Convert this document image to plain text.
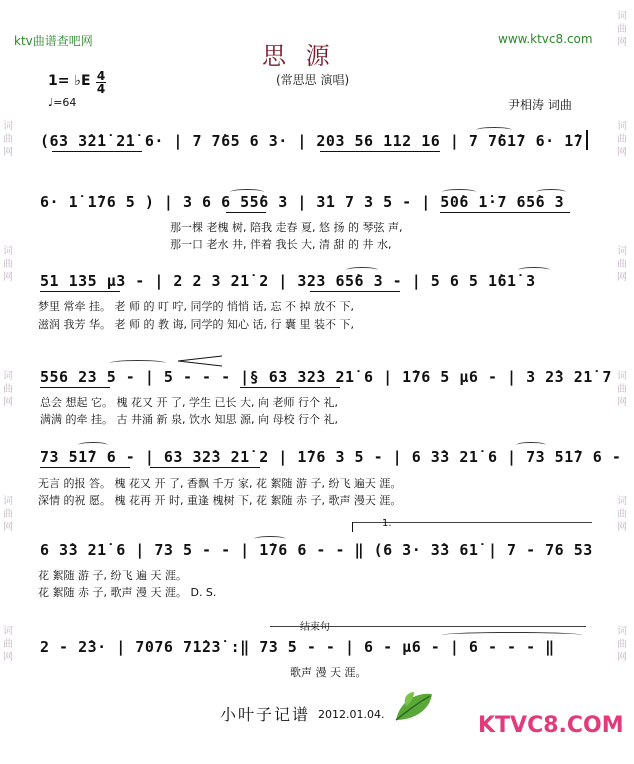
词
曲
网
词
曲
网
词
曲
网
词
曲
网
词
曲
网
词
曲
网
词
曲
网
词
曲
网
词
曲
网
词
曲
网
词
曲
网
ktv曲谱查吧网	www.ktvc8.com
思 源
(常思思 演唱)
1= ♭E 4
4
♩=64	尹相涛 词曲
(63 3̇2̇1̇ 2̇1̇ 6· | 7 7̇65 6 3· | 203 56 112 16 | 7 7̇61̇7 6· 1̇7
6· 1̇ 1̇76 5 ) | 3 6 6 55̇6 3 | 3̇1 7 3 5 - | 50̇6 1̇·7 65̇6 3
那一棵 老槐 树, 陪我 走春 夏, 悠 扬 的 琴弦 声,
那一口 老水 井, 伴着 我长 大, 清 甜 的 井 水,
51 135 µ3 - | 2 2 3 21̇ 2 | 323 65̇6 3 - | 5 6 5 1̇61̇ 3
梦里 常牵 挂。 老 师 的 叮 咛, 同学的 悄悄 话, 忘 不 掉 放不 下,
滋润 我芳 华。 老 师 的 教 诲, 同学的 知心 话, 行 囊 里 装不 下,
556 23 5 - | 5 - - - |§ 63 32̇3 21̇ 6 | 1̇76 5 µ6 - | 3 2̇3 21̇ 7
总会 想起 它。 槐 花又 开 了, 学生 已长 大, 向 老师 行个 礼,
满满 的牵 挂。 古 井涌 新 泉, 饮水 知思 源, 向 母校 行个 礼,
73 51̇7 6 - | 63 32̇3 21̇ 2 | 1̇76 3 5 - | 6 3̇3 21̇ 6 | 73 51̇7 6 -
无言 的报 答。 槐 花又 开 了, 香飘 千万 家, 花 絮随 游 子, 纷飞 遍天 涯。
深情 的祝 愿。 槐 花再 开 时, 重逢 槐树 下, 花 絮随 赤 子, 歌声 漫天 涯。
6 3̇3 21̇ 6 | 73 5 - - | 1̇76 6 - - ‖ (6 3· 3̇3 61̇ | 7 - 76 53
花 絮随 游 子, 纷飞 遍 天 涯。
花 絮随 赤 子, 歌声 漫 天 涯。 D. S.
1.
结束句
2 - 2̇3· | 7076 71̇23̇ :‖ 73 5 - - | 6 - µ6 - | 6 - - - ‖
歌声 漫 天 涯。
小叶子记谱 2012.01.04.	KTVC8.COM
